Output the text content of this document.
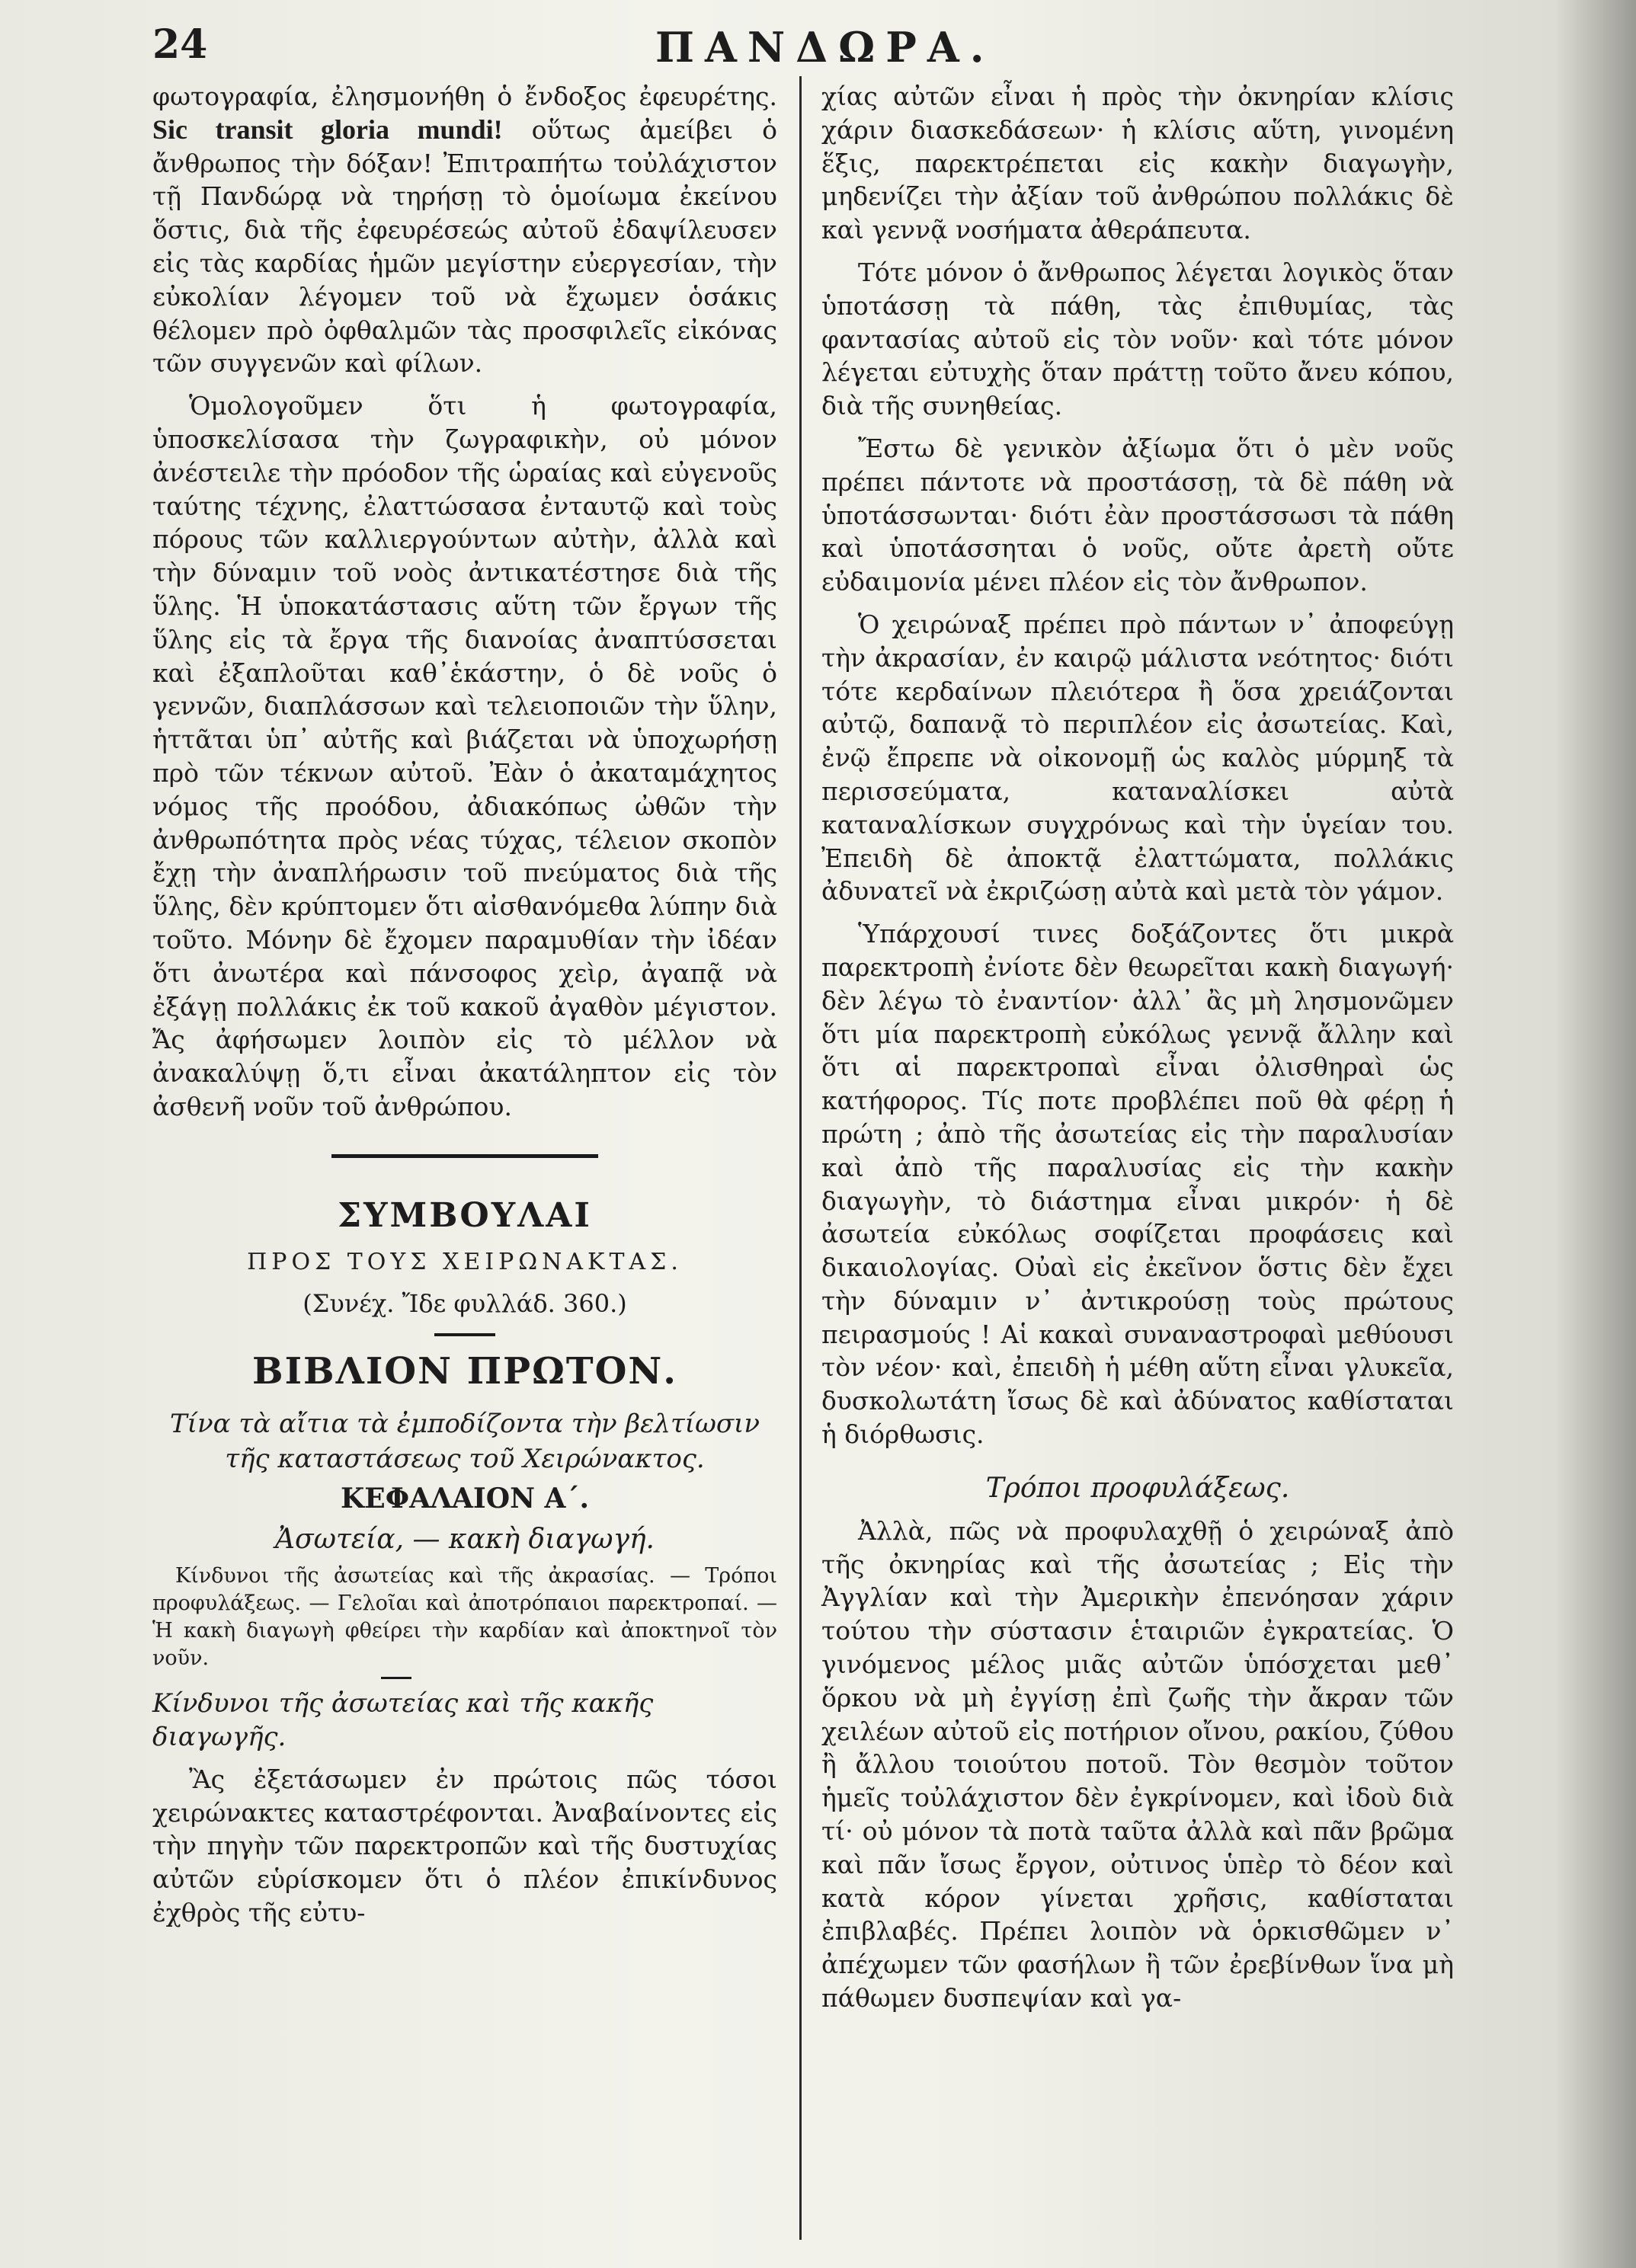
24	ΠΑΝΔΩΡΑ.

φωτογραφία, ἐλησμονήθη ὁ ἔνδοξος ἐφευρέτης. Sic transit gloria mundi! οὕτως ἀμείβει ὁ ἄνθρωπος τὴν δόξαν! Ἐπιτραπήτω τοὐλάχιστον τῇ Πανδώρᾳ νὰ τηρήσῃ τὸ ὁμοίωμα ἐκείνου ὅστις, διὰ τῆς ἐφευρέσεώς αὐτοῦ ἐδαψίλευσεν εἰς τὰς καρδίας ἡμῶν μεγίστην εὐεργεσίαν, τὴν εὐκολίαν λέγομεν τοῦ νὰ ἔχωμεν ὁσάκις θέλομεν πρὸ ὀφθαλμῶν τὰς προσφιλεῖς εἰκόνας τῶν συγγενῶν καὶ φίλων.

Ὁμολογοῦμεν ὅτι ἡ φωτογραφία, ὑποσκελίσασα τὴν ζωγραφικὴν, οὐ μόνον ἀνέστειλε τὴν πρόοδον τῆς ὡραίας καὶ εὐγενοῦς ταύτης τέχνης, ἐλαττώσασα ἐνταυτῷ καὶ τοὺς πόρους τῶν καλλιεργούντων αὐτὴν, ἀλλὰ καὶ τὴν δύναμιν τοῦ νοὸς ἀντικατέστησε διὰ τῆς ὕλης. Ἡ ὑποκατάστασις αὕτη τῶν ἔργων τῆς ὕλης εἰς τὰ ἔργα τῆς διανοίας ἀναπτύσσεται καὶ ἐξαπλοῦται καθ᾽ἑκάστην, ὁ δὲ νοῦς ὁ γεννῶν, διαπλάσσων καὶ τελειοποιῶν τὴν ὕλην, ἡττᾶται ὑπ᾽ αὐτῆς καὶ βιάζεται νὰ ὑποχωρήσῃ πρὸ τῶν τέκνων αὐτοῦ. Ἐὰν ὁ ἀκαταμάχητος νόμος τῆς προόδου, ἀδιακόπως ὠθῶν τὴν ἀνθρωπότητα πρὸς νέας τύχας, τέλειον σκοπὸν ἔχῃ τὴν ἀναπλήρωσιν τοῦ πνεύματος διὰ τῆς ὕλης, δὲν κρύπτομεν ὅτι αἰσθανόμεθα λύπην διὰ τοῦτο. Μόνην δὲ ἔχομεν παραμυθίαν τὴν ἰδέαν ὅτι ἀνωτέρα καὶ πάνσοφος χεὶρ, ἀγαπᾷ νὰ ἐξάγῃ πολλάκις ἐκ τοῦ κακοῦ ἀγαθὸν μέγιστον. Ἄς ἀφήσωμεν λοιπὸν εἰς τὸ μέλλον νὰ ἀνακαλύψῃ ὅ,τι εἶναι ἀκατάληπτον εἰς τὸν ἀσθενῆ νοῦν τοῦ ἀνθρώπου.

ΣΥΜΒΟΥΛΑΙ
ΠΡΟΣ ΤΟΥΣ ΧΕΙΡΩΝΑΚΤΑΣ.
(Συνέχ. Ἴδε φυλλάδ. 360.)
ΒΙΒΛΙΟΝ ΠΡΩΤΟΝ.
Τίνα τὰ αἴτια τὰ ἐμποδίζοντα τὴν βελτίωσιν τῆς καταστάσεως τοῦ Χειρώνακτος.
ΚΕΦΑΛΑΙΟΝ Α΄.
Ἀσωτεία, — κακὴ διαγωγή.

Κίνδυνοι τῆς ἀσωτείας καὶ τῆς ἀκρασίας. — Τρόποι προφυλάξεως. — Γελοῖαι καὶ ἀποτρόπαιοι παρεκτροπαί. — Ἡ κακὴ διαγωγὴ φθείρει τὴν καρδίαν καὶ ἀποκτηνοῖ τὸν νοῦν.

Κίνδυνοι τῆς ἀσωτείας καὶ τῆς κακῆς διαγωγῆς.

Ἂς ἐξετάσωμεν ἐν πρώτοις πῶς τόσοι χειρώνακτες καταστρέφονται. Ἀναβαίνοντες εἰς τὴν πηγὴν τῶν παρεκτροπῶν καὶ τῆς δυστυχίας αὐτῶν εὑρίσκομεν ὅτι ὁ πλέον ἐπικίνδυνος ἐχθρὸς τῆς εὐτυ-

χίας αὐτῶν εἶναι ἡ πρὸς τὴν ὀκνηρίαν κλίσις χάριν διασκεδάσεων· ἡ κλίσις αὕτη, γινομένη ἕξις, παρεκτρέπεται εἰς κακὴν διαγωγὴν, μηδενίζει τὴν ἀξίαν τοῦ ἀνθρώπου πολλάκις δὲ καὶ γεννᾷ νοσήματα ἀθεράπευτα.

Τότε μόνον ὁ ἄνθρωπος λέγεται λογικὸς ὅταν ὑποτάσσῃ τὰ πάθη, τὰς ἐπιθυμίας, τὰς φαντασίας αὐτοῦ εἰς τὸν νοῦν· καὶ τότε μόνον λέγεται εὐτυχὴς ὅταν πράττῃ τοῦτο ἄνευ κόπου, διὰ τῆς συνηθείας.

Ἔστω δὲ γενικὸν ἀξίωμα ὅτι ὁ μὲν νοῦς πρέπει πάντοτε νὰ προστάσσῃ, τὰ δὲ πάθη νὰ ὑποτάσσωνται· διότι ἐὰν προστάσσωσι τὰ πάθη καὶ ὑποτάσσηται ὁ νοῦς, οὔτε ἀρετὴ οὔτε εὐδαιμονία μένει πλέον εἰς τὸν ἄνθρωπον.

Ὁ χειρώναξ πρέπει πρὸ πάντων ν᾽ ἀποφεύγῃ τὴν ἀκρασίαν, ἐν καιρῷ μάλιστα νεότητος· διότι τότε κερδαίνων πλειότερα ἢ ὅσα χρειάζονται αὐτῷ, δαπανᾷ τὸ περιπλέον εἰς ἀσωτείας. Καὶ, ἐνῷ ἔπρεπε νὰ οἰκονομῇ ὡς καλὸς μύρμηξ τὰ περισσεύματα, καταναλίσκει αὐτὰ καταναλίσκων συγχρόνως καὶ τὴν ὑγείαν του. Ἐπειδὴ δὲ ἀποκτᾷ ἐλαττώματα, πολλάκις ἀδυνατεῖ νὰ ἐκριζώσῃ αὐτὰ καὶ μετὰ τὸν γάμον.

Ὑπάρχουσί τινες δοξάζοντες ὅτι μικρὰ παρεκτροπὴ ἐνίοτε δὲν θεωρεῖται κακὴ διαγωγή· δὲν λέγω τὸ ἐναντίον· ἀλλ᾽ ἂς μὴ λησμονῶμεν ὅτι μία παρεκτροπὴ εὐκόλως γεννᾷ ἄλλην καὶ ὅτι αἱ παρεκτροπαὶ εἶναι ὀλισθηραὶ ὡς κατήφορος. Τίς ποτε προβλέπει ποῦ θὰ φέρῃ ἡ πρώτη ; ἀπὸ τῆς ἀσωτείας εἰς τὴν παραλυσίαν καὶ ἀπὸ τῆς παραλυσίας εἰς τὴν κακὴν διαγωγὴν, τὸ διάστημα εἶναι μικρόν· ἡ δὲ ἀσωτεία εὐκόλως σοφίζεται προφάσεις καὶ δικαιολογίας. Οὐαὶ εἰς ἐκεῖνον ὅστις δὲν ἔχει τὴν δύναμιν ν᾽ ἀντικρούσῃ τοὺς πρώτους πειρασμούς ! Αἱ κακαὶ συναναστροφαὶ μεθύουσι τὸν νέον· καὶ, ἐπειδὴ ἡ μέθη αὕτη εἶναι γλυκεῖα, δυσκολωτάτη ἴσως δὲ καὶ ἀδύνατος καθίσταται ἡ διόρθωσις.

Τρόποι προφυλάξεως.

Ἀλλὰ, πῶς νὰ προφυλαχθῇ ὁ χειρώναξ ἀπὸ τῆς ὀκνηρίας καὶ τῆς ἀσωτείας ; Εἰς τὴν Ἀγγλίαν καὶ τὴν Ἀμερικὴν ἐπενόησαν χάριν τούτου τὴν σύστασιν ἑταιριῶν ἐγκρατείας. Ὁ γινόμενος μέλος μιᾶς αὐτῶν ὑπόσχεται μεθ᾽ ὅρκου νὰ μὴ ἐγγίσῃ ἐπὶ ζωῆς τὴν ἄκραν τῶν χειλέων αὐτοῦ εἰς ποτήριον οἴνου, ρακίου, ζύθου ἢ ἄλλου τοιούτου ποτοῦ. Τὸν θεσμὸν τοῦτον ἡμεῖς τοὐλάχιστον δὲν ἐγκρίνομεν, καὶ ἰδοὺ διὰ τί· οὐ μόνον τὰ ποτὰ ταῦτα ἀλλὰ καὶ πᾶν βρῶμα καὶ πᾶν ἴσως ἔργον, οὐτινος ὑπὲρ τὸ δέον καὶ κατὰ κόρον γίνεται χρῆσις, καθίσταται ἐπιβλαβές. Πρέπει λοιπὸν νὰ ὁρκισθῶμεν ν᾽ ἀπέχωμεν τῶν φασήλων ἢ τῶν ἐρεβίνθων ἵνα μὴ πάθωμεν δυσπεψίαν καὶ γα-
